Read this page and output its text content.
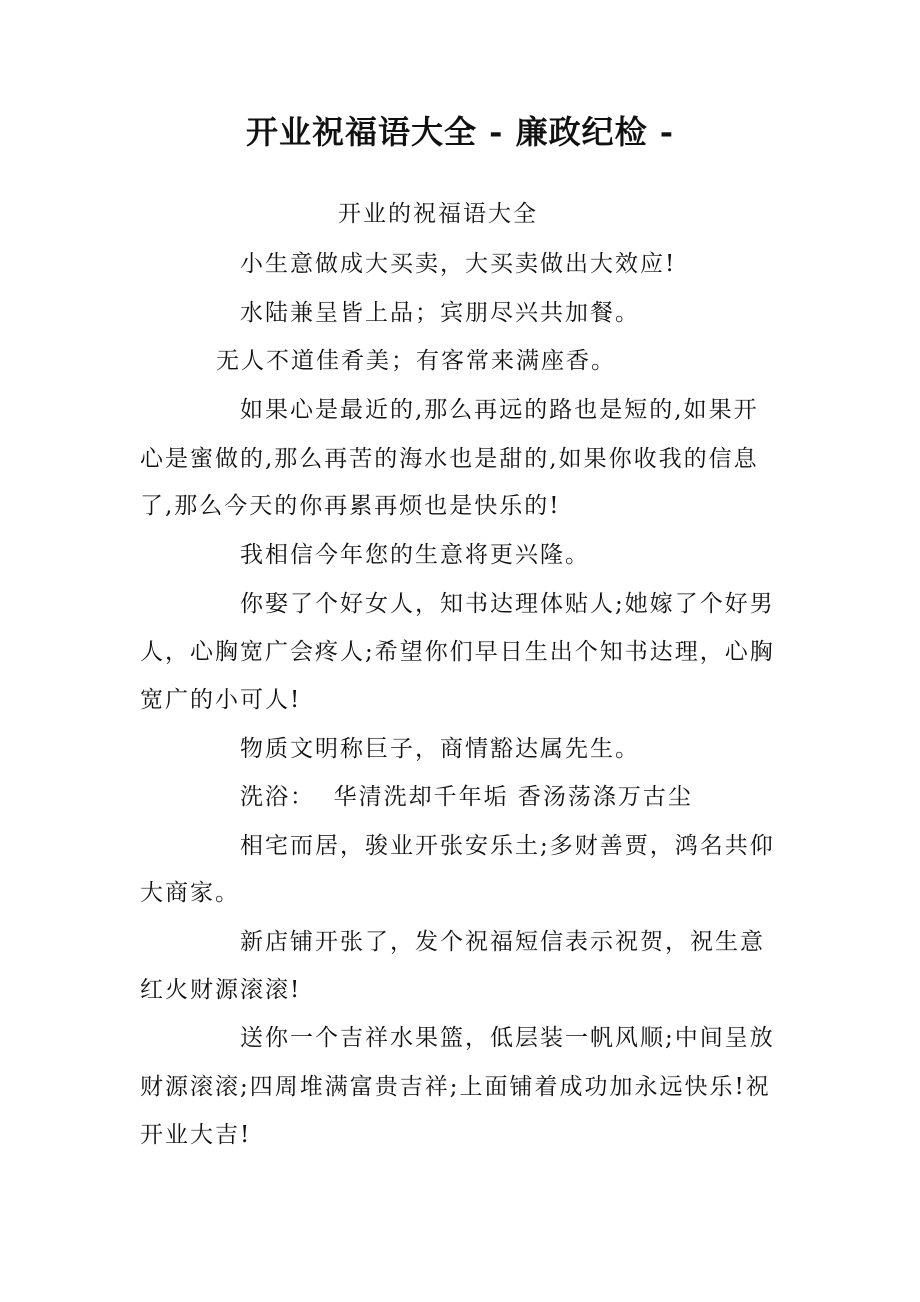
开业祝福语大全 - 廉政纪检 -
开业的祝福语大全
小生意做成大买卖，大买卖做出大效应!
水陆兼呈皆上品；宾朋尽兴共加餐。
无人不道佳肴美；有客常来满座香。
如果心是最近的,那么再远的路也是短的,如果开
心是蜜做的,那么再苦的海水也是甜的,如果你收我的信息
了,那么今天的你再累再烦也是快乐的!
我相信今年您的生意将更兴隆。
你娶了个好女人，知书达理体贴人;她嫁了个好男
人，心胸宽广会疼人;希望你们早日生出个知书达理，心胸
宽广的小可人!
物质文明称巨子，商情豁达属先生。
洗浴：  华清洗却千年垢 香汤荡涤万古尘
相宅而居，骏业开张安乐土;多财善贾，鸿名共仰
大商家。
新店铺开张了，发个祝福短信表示祝贺，祝生意
红火财源滚滚!
送你一个吉祥水果篮，低层装一帆风顺;中间呈放
财源滚滚;四周堆满富贵吉祥;上面铺着成功加永远快乐!祝
开业大吉!
